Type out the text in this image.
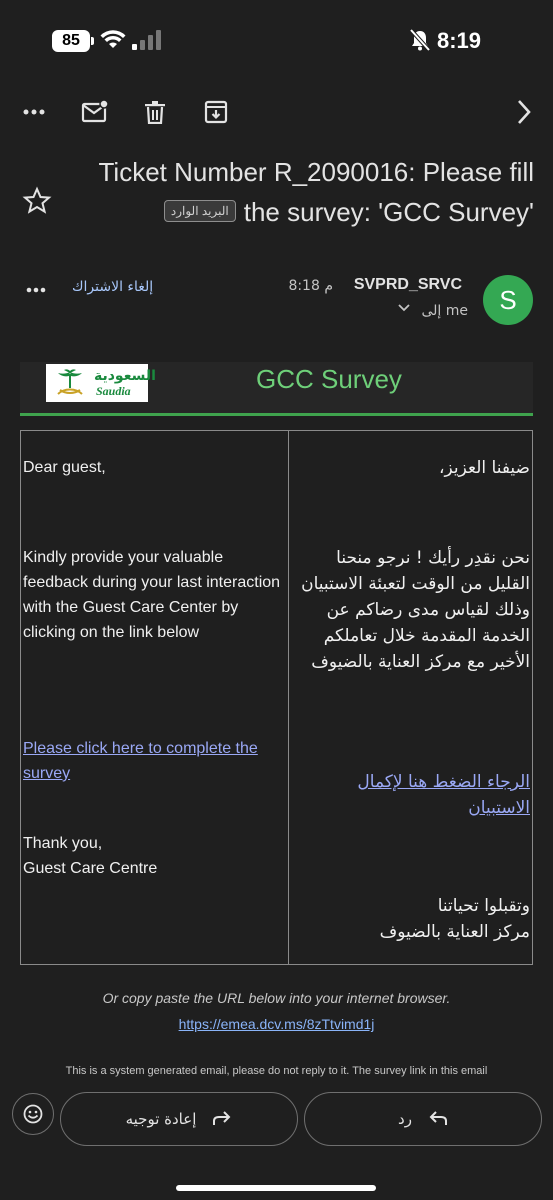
85	8:19
Ticket Number R_2090016: Please fill
البريد الوارد the survey: 'GCC Survey'
S
SVPRD_SRVC
8:18 م
إلى me
إلغاء الاشتراك
السعودية
Saudia	GCC Survey

Dear guest,

Kindly provide your valuable feedback during your last interaction with the Guest Care Center by clicking on the link below

Please click here to complete the survey

Thank you,

Guest Care Centre

ضيفنا العزيز،

نحن نقدِر رأيك ! نرجو منحنا القليل من الوقت لتعبئة الاستبيان وذلك لقياس مدى رضاكم عن الخدمة المقدمة خلال تعاملكم الأخير مع مركز العناية بالضيوف

الرجاء الضغط هنا لإكمال الاستبيان

وتقبلوا تحياتنا

مركز العناية بالضيوف

Or copy paste the URL below into your internet browser.
https://emea.dcv.ms/8zTtvimd1j
This is a system generated email, please do not reply to it. The survey link in this email
إعادة توجيه	رد
